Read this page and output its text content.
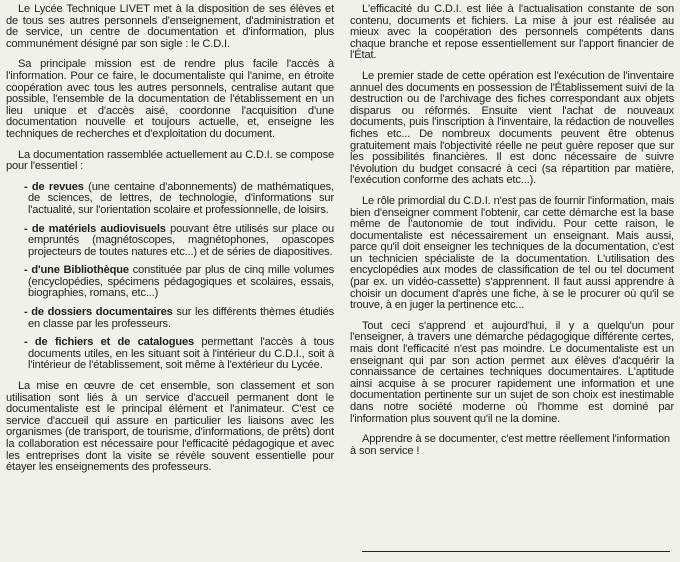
Le Lycée Technique LIVET met à la disposition de ses élèves et de tous ses autres personnels d'enseignement, d'administration et de service, un centre de documentation et d'information, plus communément désigné par son sigle : le C.D.I.

Sa principale mission est de rendre plus facile l'accès à l'information. Pour ce faire, le documentaliste qui l'anime, en étroite coopération avec tous les autres personnels, centralise autant que possible, l'ensemble de la documentation de l'établissement en un lieu unique et d'accès aisé, coordonne l'acquisition d'une documentation nouvelle et toujours actuelle, et, enseigne les techniques de recherches et d'exploitation du document.

La documentation rassemblée actuellement au C.D.I. se compose pour l'essentiel :

- de revues (une centaine d'abonnements) de mathématiques, de sciences, de lettres, de technologie, d'informations sur l'actualité, sur l'orientation scolaire et professionnelle, de loisirs.
- de matériels audiovisuels pouvant être utilisés sur place ou empruntés (magnétoscopes, magnétophones, opascopes projecteurs de toutes natures etc...) et de séries de diapositives.
- d'une Bibliothèque constituée par plus de cinq mille volumes (encyclopédies, spécimens pédagogiques et scolaires, essais, biographies, romans, etc...)
- de dossiers documentaires sur les différents thèmes étudiés en classe par les professeurs.
- de fichiers et de catalogues permettant l'accès à tous documents utiles, en les situant soit à l'intérieur du C.D.I., soit à l'intérieur de l'établissement, soit même à l'extérieur du Lycée.

La mise en œuvre de cet ensemble, son classement et son utilisation sont liés à un service d'accueil permanent dont le documentaliste est le principal élément et l'animateur. C'est ce service d'accueil qui assure en particulier les liaisons avec les organismes (de transport, de tourisme, d'informations, de prêts) dont la collaboration est nécessaire pour l'efficacité pédagogique et avec les entreprises dont la visite se révèle souvent essentielle pour étayer les enseignements des professeurs.

L'efficacité du C.D.I. est liée à l'actualisation constante de son contenu, documents et fichiers. La mise à jour est réalisée au mieux avec la coopération des personnels compétents dans chaque branche et repose essentiellement sur l'apport financier de l'État.

Le premier stade de cette opération est l'exécution de l'inventaire annuel des documents en possession de l'Établissement suivi de la destruction ou de l'archivage des fiches correspondant aux objets disparus ou réformés. Ensuite vient l'achat de nouveaux documents, puis l'inscription à l'inventaire, la rédaction de nouvelles fiches etc... De nombreux documents peuvent être obtenus gratuitement mais l'objectivité réelle ne peut guère reposer que sur les possibilités financières. Il est donc nécessaire de suivre l'évolution du budget consacré à ceci (sa répartition par matière, l'exécution conforme des achats etc...).

Le rôle primordial du C.D.I. n'est pas de fournir l'information, mais bien d'enseigner comment l'obtenir, car cette démarche est la base même de l'autonomie de tout individu. Pour cette raison, le documentaliste est nécessairement un enseignant. Mais aussi, parce qu'il doit enseigner les techniques de la documentation, c'est un technicien spécialiste de la documentation. L'utilisation des encyclopédies aux modes de classification de tel ou tel document (par ex. un vidéo-cassette) s'apprennent. Il faut aussi apprendre à choisir un document d'après une fiche, à se le procurer où qu'il se trouve, à en juger la pertinence etc...

Tout ceci s'apprend et aujourd'hui, il y a quelqu'un pour l'enseigner, à travers une démarche pédagogique différente certes, mais dont l'efficacité n'est pas moindre. Le documentaliste est un enseignant qui par son action permet aux élèves d'acquérir la connaissance de certaines techniques documentaires. L'aptitude ainsi acquise à se procurer rapidement une information et une documentation pertinente sur un sujet de son choix est inestimable dans notre société moderne où l'homme est dominé par l'information plus souvent qu'il ne la domine.

Apprendre à se documenter, c'est mettre réellement l'information à son service !
